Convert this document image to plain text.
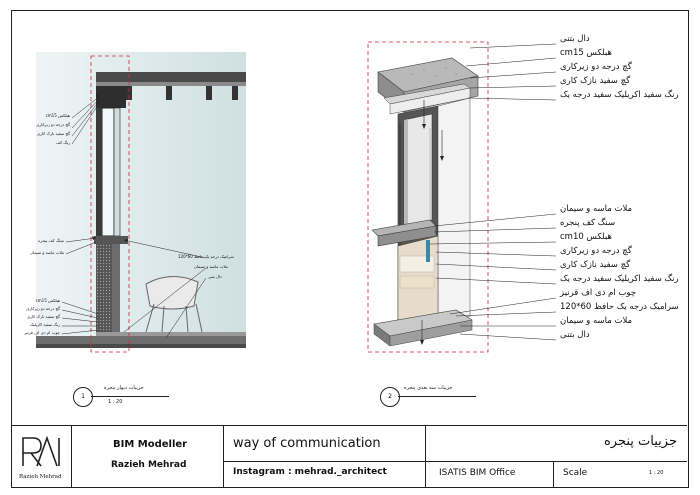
هبلکس cm15
گچ درجه دو زیرکاری
گچ سفید نازک کاری
رنگ کف
سنگ کف پنجره
ملات ماسه و سیمان
سرامیک درجه یک حافظ 60*120
ملات ماسه و سیمان
دال بتنی
هبلکس cm15
گچ درجه دو زیرکاری
گچ سفید نازک کاری
رنگ سفید اکریلیک
چوب ام دی اف قرنیز
1
جزییات دیوار پنجره
1 : 20
دال بتنی
هبلکس cm15
گچ درجه دو زیرکاری
گچ سفید نازک کاری
رنگ سفید اکریلیک سفید درجه یک
ملات ماسه و سیمان
سنگ کف پنجره
هبلکس cm10
گچ درجه دو زیرکاری
گچ سفید نازک کاری
رنگ سفید اکریلیک سفید درجه یک
چوب ام دی اف قرنیز
سرامیک درجه یک حافظ 60*120
ملات ماسه و سیمان
دال بتنی
2
جزییات سه بعدی پنجره
Razieh Mehrad
BIM Modeller
Razieh Mehrad
way of communication
Instagram : mehrad._architect
جزییات پنجره
ISATIS BIM Office	Scale	1 : 20
